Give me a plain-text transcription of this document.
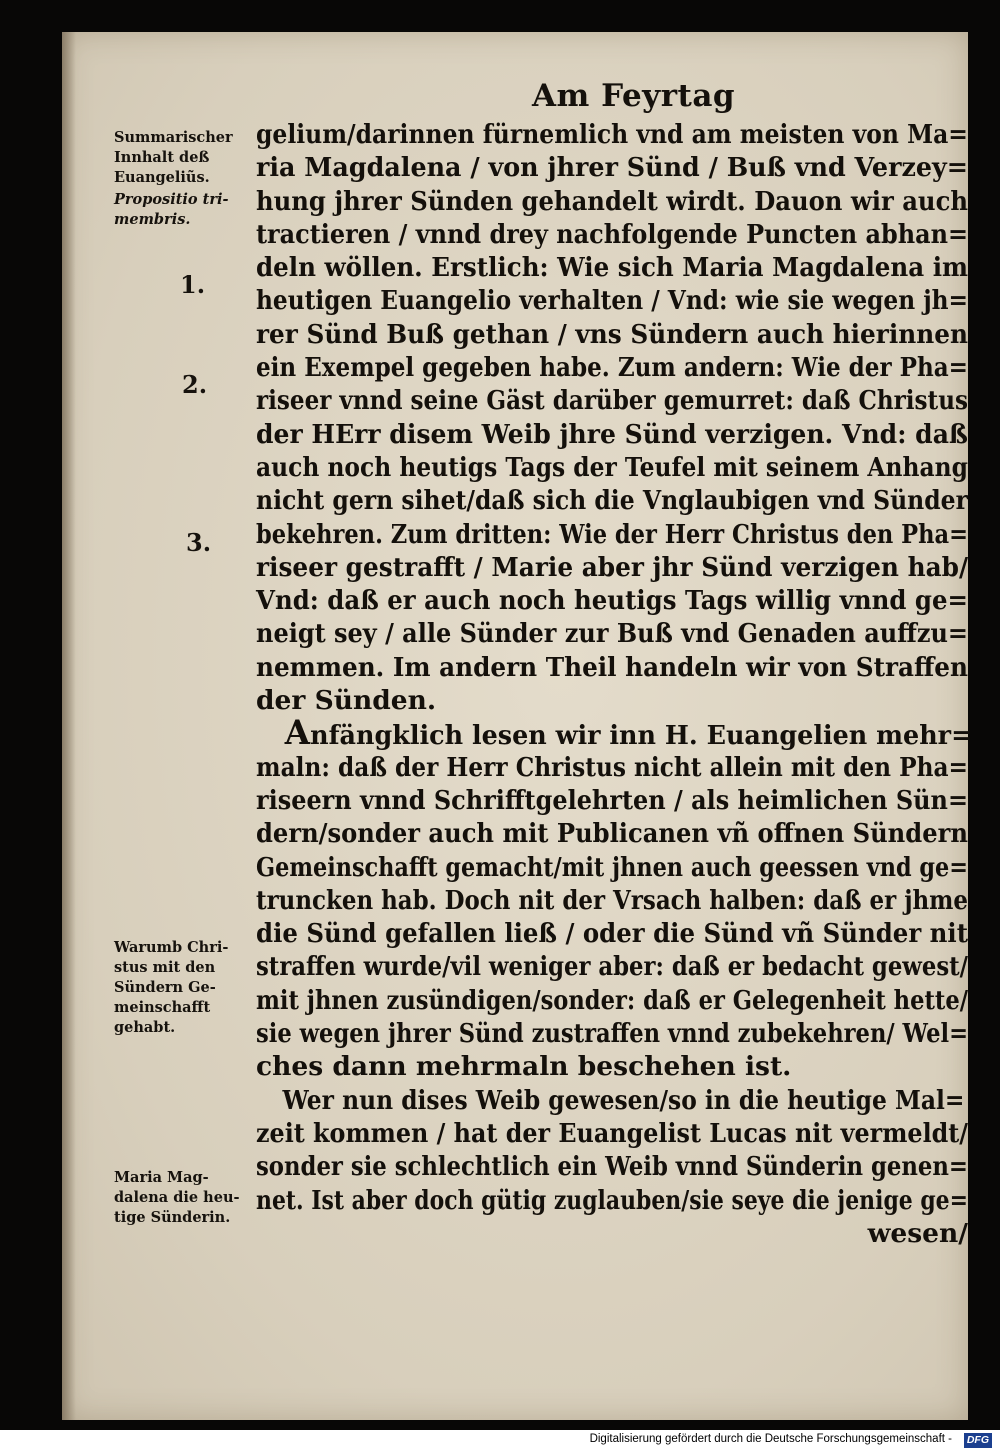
Am Feyrtag
Summarischer
Innhalt deß
Euangeliũs.
Propositio tri-
membris.
Warumb Chri-
stus mit den
Sündern Ge-
meinschafft
gehabt.
Maria Mag-
dalena die heu-
tige Sünderin.
1.
2.
3.
gelium/darinnen fürnemlich vnd am meisten von Ma=
ria Magdalena / von jhrer Sünd / Buß vnd Verzey=
hung jhrer Sünden gehandelt wirdt. Dauon wir auch
tractieren / vnnd drey nachfolgende Puncten abhan=
deln wöllen. Erstlich: Wie sich Maria Magdalena im
heutigen Euangelio verhalten / Vnd: wie sie wegen jh=
rer Sünd Buß gethan / vns Sündern auch hierinnen
ein Exempel gegeben habe. Zum andern: Wie der Pha=
riseer vnnd seine Gäst darüber gemurret: daß Christus
der HErr disem Weib jhre Sünd verzigen. Vnd: daß
auch noch heutigs Tags der Teufel mit seinem Anhang
nicht gern sihet/daß sich die Vnglaubigen vnd Sünder
bekehren. Zum dritten: Wie der Herr Christus den Pha=
riseer gestrafft / Marie aber jhr Sünd verzigen hab/
Vnd: daß er auch noch heutigs Tags willig vnnd ge=
neigt sey / alle Sünder zur Buß vnd Genaden auffzu=
nemmen. Im andern Theil handeln wir von Straffen
der Sünden.
Anfängklich lesen wir inn H. Euangelien mehr=
maln: daß der Herr Christus nicht allein mit den Pha=
riseern vnnd Schrifftgelehrten / als heimlichen Sün=
dern/sonder auch mit Publicanen vñ offnen Sündern
Gemeinschafft gemacht/mit jhnen auch geessen vnd ge=
truncken hab. Doch nit der Vrsach halben: daß er jhme
die Sünd gefallen ließ / oder die Sünd vñ Sünder nit
straffen wurde/vil weniger aber: daß er bedacht gewest/
mit jhnen zusündigen/sonder: daß er Gelegenheit hette/
sie wegen jhrer Sünd zustraffen vnnd zubekehren/ Wel=
ches dann mehrmaln beschehen ist.
Wer nun dises Weib gewesen/so in die heutige Mal=
zeit kommen / hat der Euangelist Lucas nit vermeldt/
sonder sie schlechtlich ein Weib vnnd Sünderin genen=
net. Ist aber doch gütig zuglauben/sie seye die jenige ge=
wesen/
Digitalisierung gefördert durch die Deutsche Forschungsgemeinschaft - DFG
